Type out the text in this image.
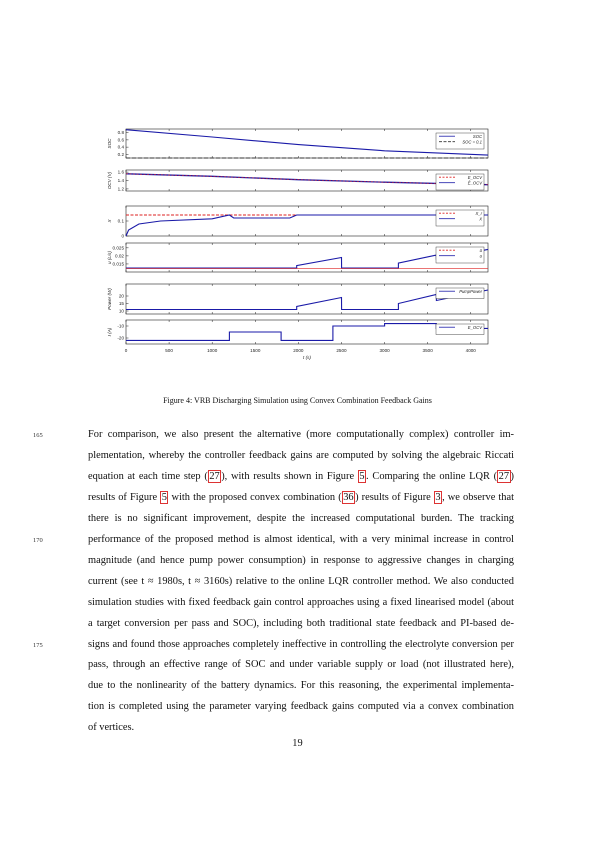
0.8
0.6
0.4
0.2
SOC
SOC
SOC = 0.1
1.6
1.4
1.2
OCV (V)	E_OCV
Ê_OCV
0.1
0
X
X_r
X
0.025
0.02
0.015
u (L/s)
ū
u
20
15
10
Power (W)	PumpPower
-10
-20
I (A)
E_OCV
0	500	1000	1500	2000	2500	3000	3500	4000
t (s)
Figure 4: VRB Discharging Simulation using Convex Combination Feedback Gains
For comparison, we also present the alternative (more computationally complex) controller im-
165
plementation, whereby the controller feedback gains are computed by solving the algebraic Riccati
equation at each time step ( 27 ), with results shown in Figure 5 . Comparing the online LQR ( 27 )
results of Figure 5 with the proposed convex combination ( 36 ) results of Figure 3 , we observe that
there is no significant improvement, despite the increased computational burden. The tracking
performance of the proposed method is almost identical, with a very minimal increase in control
170
magnitude (and hence pump power consumption) in response to aggressive changes in charging
current (see t ≈ 1980s, t ≈ 3160s) relative to the online LQR controller method. We also conducted
simulation studies with fixed feedback gain control approaches using a fixed linearised model (about
a target conversion per pass and SOC), including both traditional state feedback and PI-based de-
signs and found those approaches completely ineffective in controlling the electrolyte conversion per
175
pass, through an effective range of SOC and under variable supply or load (not illustrated here),
due to the nonlinearity of the battery dynamics. For this reasoning, the experimental implementa-
tion is completed using the parameter varying feedback gains computed via a convex combination
of vertices.
19
